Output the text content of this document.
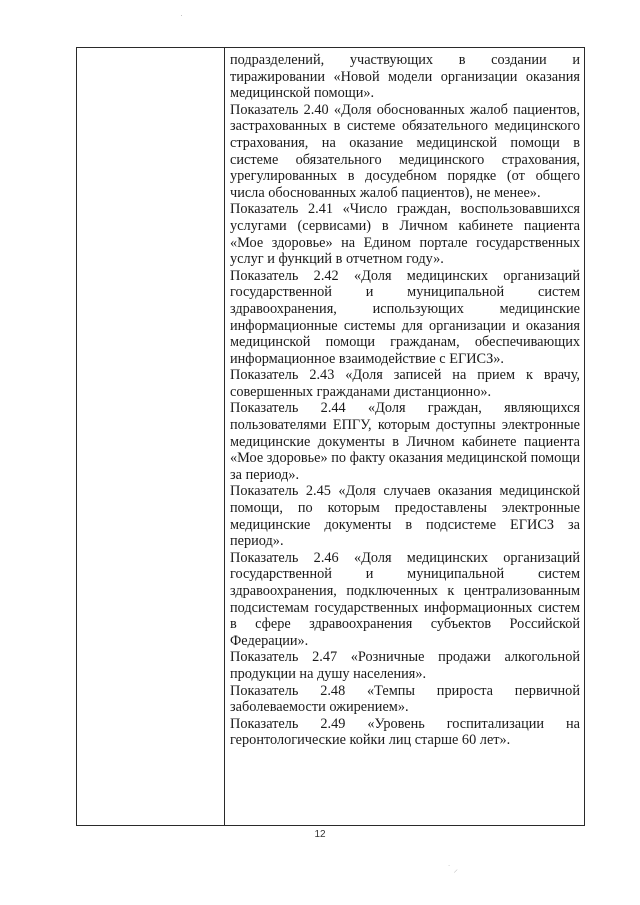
подразделений, участвующих в создании и тиражировании «Новой модели организации оказания медицинской помощи».

Показатель 2.40 «Доля обоснованных жалоб пациентов, застрахованных в системе обязательного медицинского страхования, на оказание медицинской помощи в системе обязательного медицинского страхования, урегулированных в досудебном порядке (от общего числа обоснованных жалоб пациентов), не менее».

Показатель 2.41 «Число граждан, воспользовавшихся услугами (сервисами) в Личном кабинете пациента «Мое здоровье» на Едином портале государственных услуг и функций в отчетном году».

Показатель 2.42 «Доля медицинских организаций государственной и муниципальной систем здравоохранения, использующих медицинские информационные системы для организации и оказания медицинской помощи гражданам, обеспечивающих информационное взаимодействие с ЕГИСЗ».

Показатель 2.43 «Доля записей на прием к врачу, совершенных гражданами дистанционно».

Показатель 2.44 «Доля граждан, являющихся пользователями ЕПГУ, которым доступны электронные медицинские документы в Личном кабинете пациента «Мое здоровье» по факту оказания медицинской помощи за период».

Показатель 2.45 «Доля случаев оказания медицинской помощи, по которым предоставлены электронные медицинские документы в подсистеме ЕГИСЗ за период».

Показатель 2.46 «Доля медицинских организаций государственной и муниципальной систем здравоохранения, подключенных к централизованным подсистемам государственных информационных систем в сфере здравоохранения субъектов Российской Федерации».

Показатель 2.47 «Розничные продажи алкогольной продукции на душу населения».

Показатель 2.48 «Темпы прироста первичной заболеваемости ожирением».

Показатель 2.49 «Уровень госпитализации на геронтологические койки лиц старше 60 лет».

12
·
˙ ⸝
